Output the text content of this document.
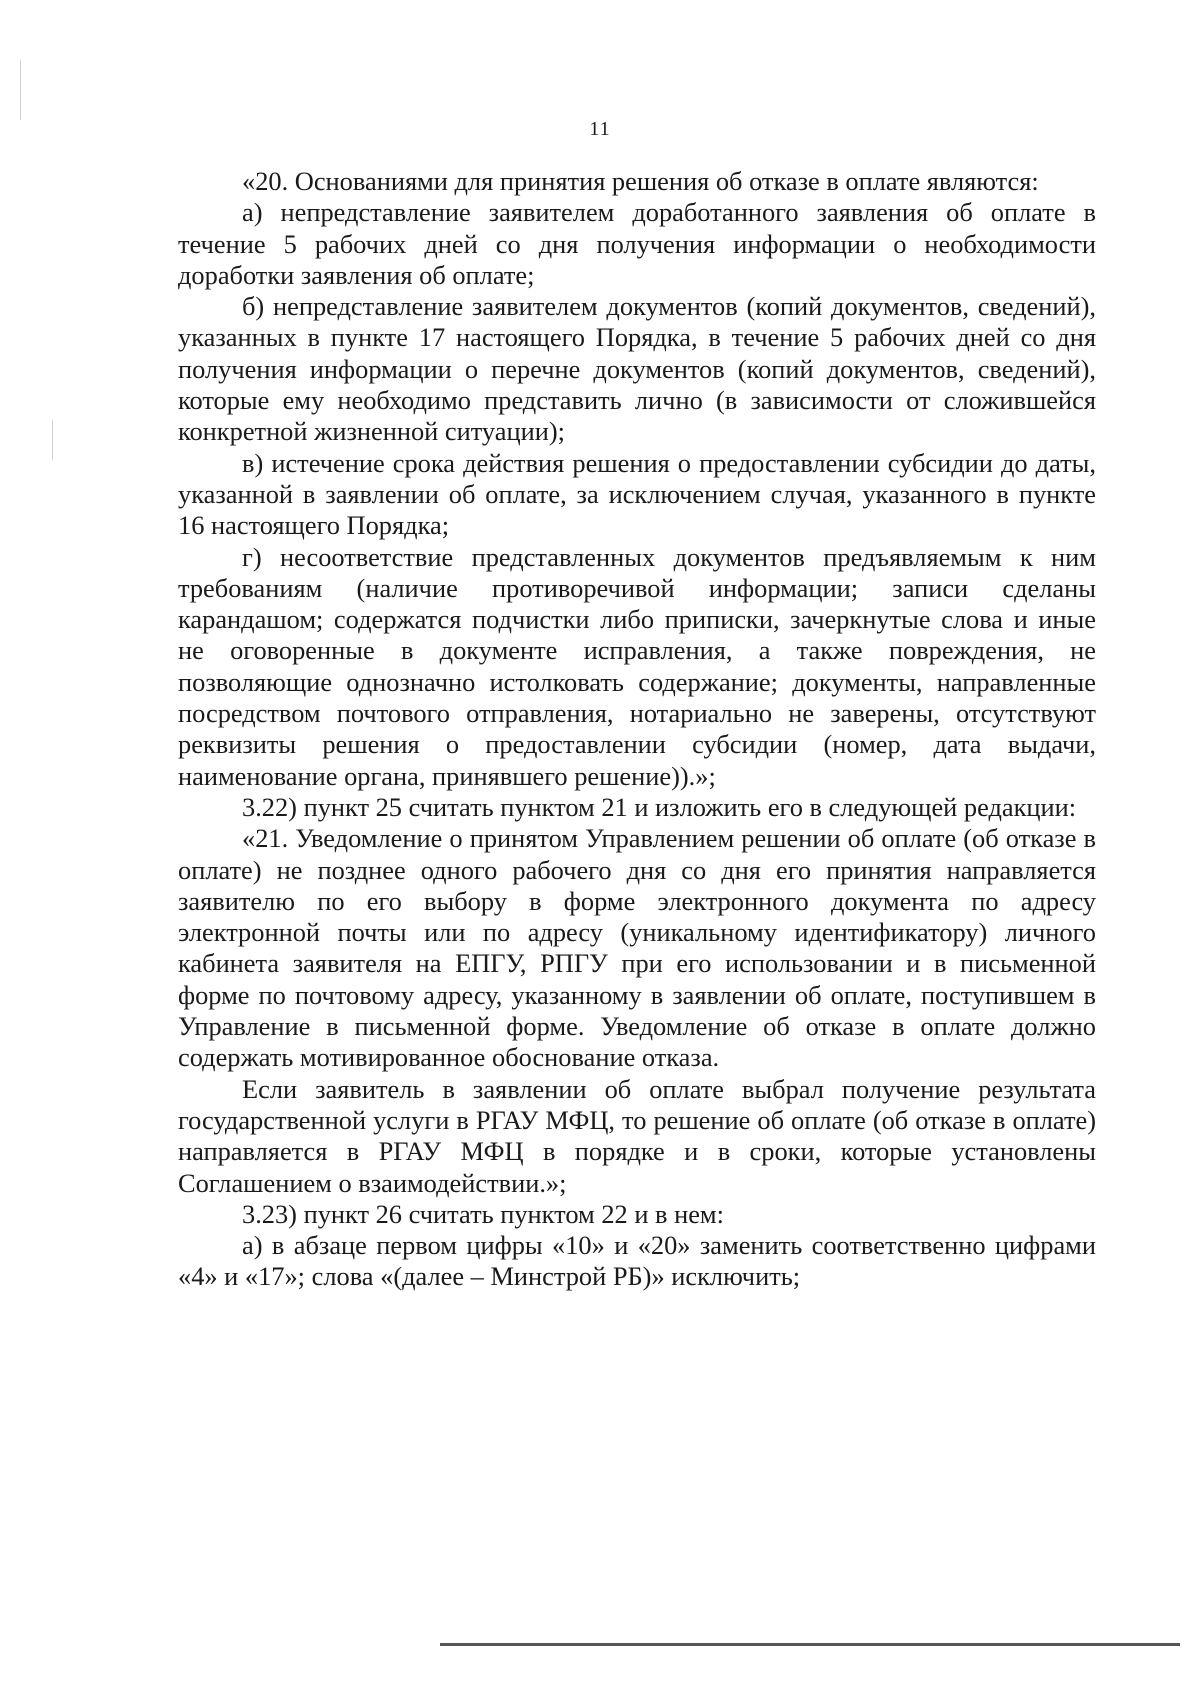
11

«20. Основаниями для принятия решения об отказе в оплате являются:

а) непредставление заявителем доработанного заявления об оплате в течение 5 рабочих дней со дня получения информации о необходимости доработки заявления об оплате;

б) непредставление заявителем документов (копий документов, сведений), указанных в пункте 17 настоящего Порядка, в течение 5 рабочих дней со дня получения информации о перечне документов (копий документов, сведений), которые ему необходимо представить лично (в зависимости от сложившейся конкретной жизненной ситуации);

в) истечение срока действия решения о предоставлении субсидии до даты, указанной в заявлении об оплате, за исключением случая, указанного в пункте 16 настоящего Порядка;

г) несоответствие представленных документов предъявляемым к ним требованиям (наличие противоречивой информации; записи сделаны карандашом; содержатся подчистки либо приписки, зачеркнутые слова и иные не оговоренные в документе исправления, а также повреждения, не позволяющие однозначно истолковать содержание; документы, направленные посредством почтового отправления, нотариально не заверены, отсутствуют реквизиты решения о предоставлении субсидии (номер, дата выдачи, наименование органа, принявшего решение)).»;

3.22) пункт 25 считать пунктом 21 и изложить его в следующей редакции:

«21. Уведомление о принятом Управлением решении об оплате (об отказе в оплате) не позднее одного рабочего дня со дня его принятия направляется заявителю по его выбору в форме электронного документа по адресу электронной почты или по адресу (уникальному идентификатору) личного кабинета заявителя на ЕПГУ, РПГУ при его использовании и в письменной форме по почтовому адресу, указанному в заявлении об оплате, поступившем в Управление в письменной форме. Уведомление об отказе в оплате должно содержать мотивированное обоснование отказа.

Если заявитель в заявлении об оплате выбрал получение результата государственной услуги в РГАУ МФЦ, то решение об оплате (об отказе в оплате) направляется в РГАУ МФЦ в порядке и в сроки, которые установлены Соглашением о взаимодействии.»;

3.23) пункт 26 считать пунктом 22 и в нем:

а) в абзаце первом цифры «10» и «20» заменить соответственно цифрами «4» и «17»; слова «(далее – Минстрой РБ)» исключить;
